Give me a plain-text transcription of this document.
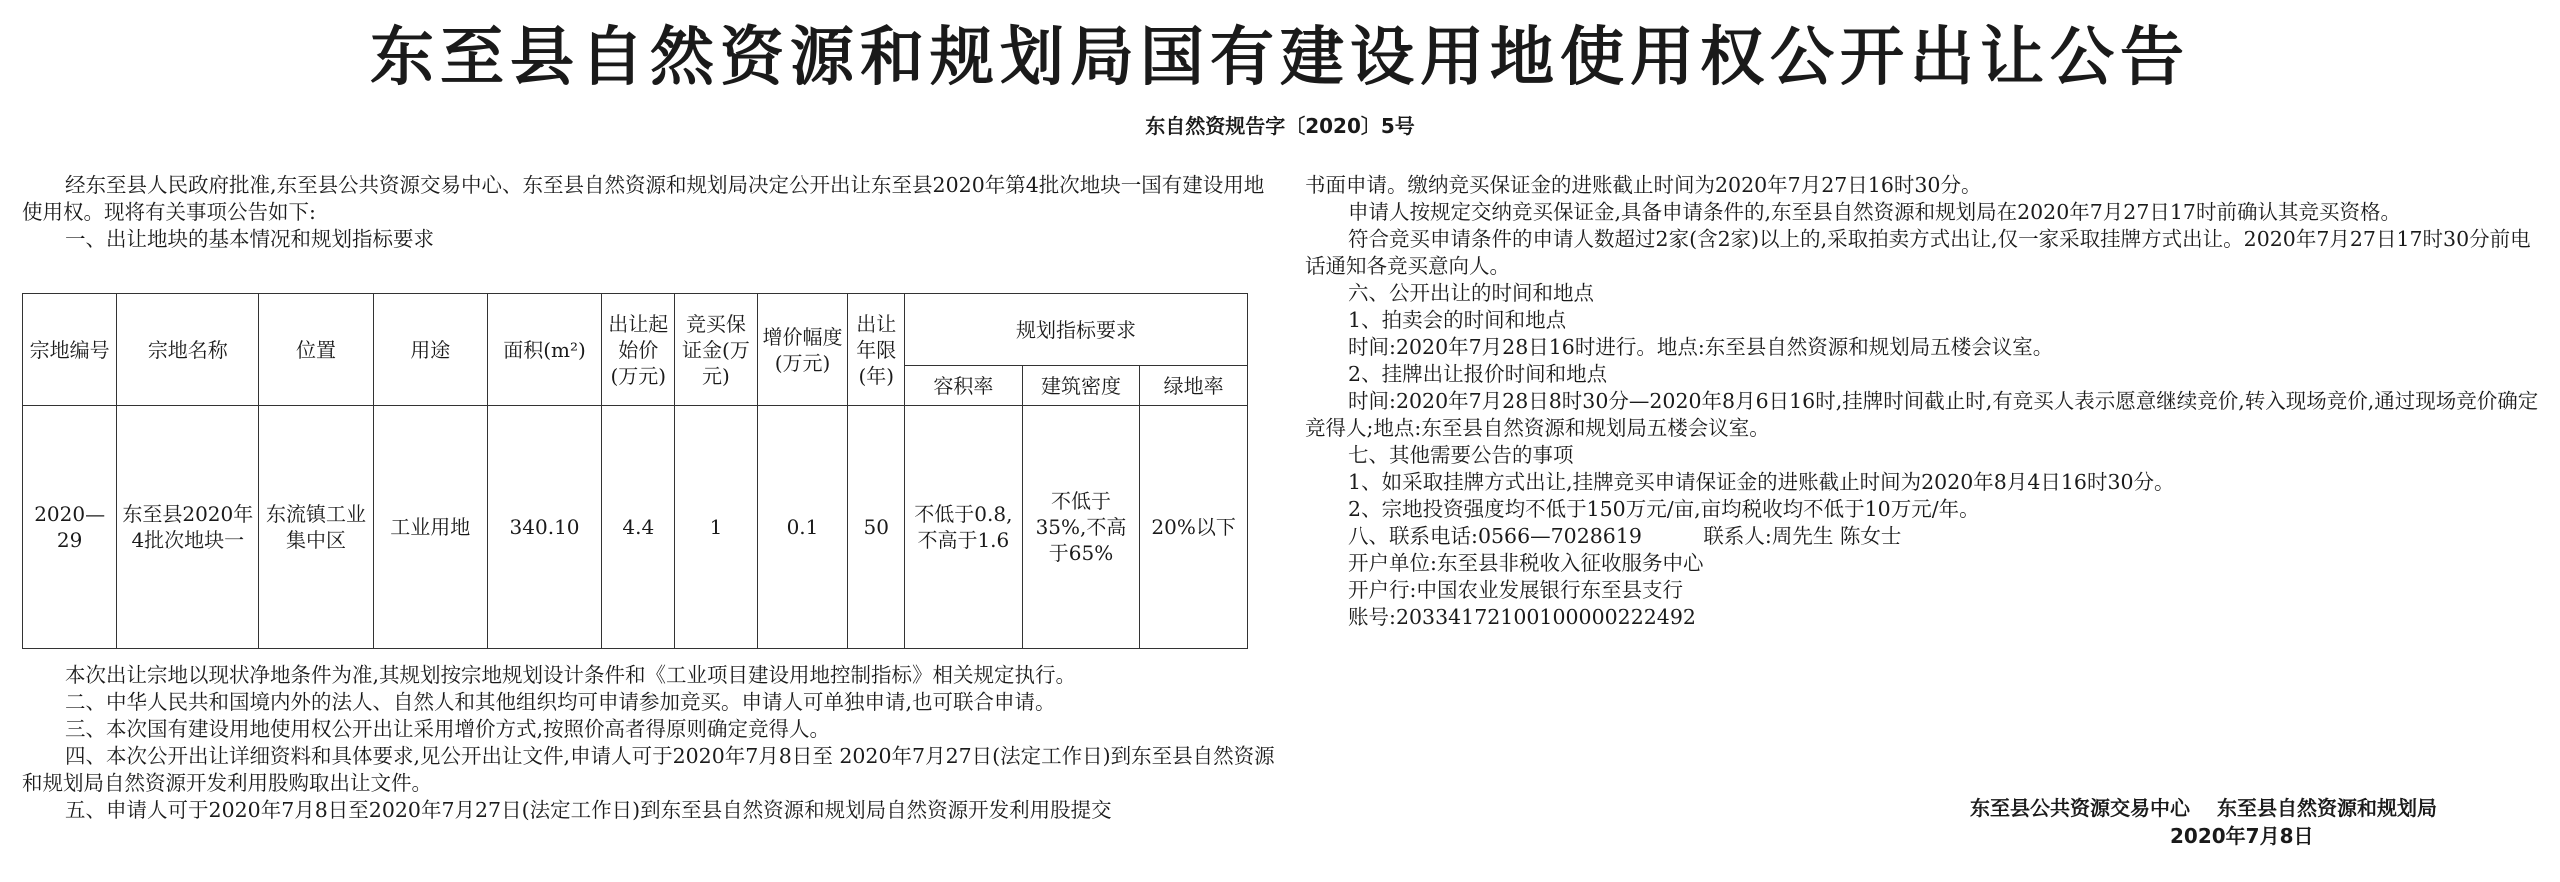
东至县自然资源和规划局国有建设用地使用权公开出让公告
东自然资规告字〔2020〕5号

经东至县人民政府批准,东至县公共资源交易中心、东至县自然资源和规划局决定公开出让东至县2020年第4批次地块一国有建设用地使用权。现将有关事项公告如下:

一、出让地块的基本情况和规划指标要求

宗地编号	宗地名称	位置	用途	面积(m²)	出让起始价(万元)	竞买保证金(万元)	增价幅度(万元)	出让年限(年)	规划指标要求		
									容积率	建筑密度	绿地率
2020—29	东至县2020年4批次地块一	东流镇工业集中区	工业用地	340.10	4.4	1	0.1	50	不低于0.8,不高于1.6	不低于35%,不高于65%	20%以下

本次出让宗地以现状净地条件为准,其规划按宗地规划设计条件和《工业项目建设用地控制指标》相关规定执行。

二、中华人民共和国境内外的法人、自然人和其他组织均可申请参加竞买。申请人可单独申请,也可联合申请。

三、本次国有建设用地使用权公开出让采用增价方式,按照价高者得原则确定竞得人。

四、本次公开出让详细资料和具体要求,见公开出让文件,申请人可于2020年7月8日至 2020年7月27日(法定工作日)到东至县自然资源和规划局自然资源开发利用股购取出让文件。

五、申请人可于2020年7月8日至2020年7月27日(法定工作日)到东至县自然资源和规划局自然资源开发利用股提交

书面申请。缴纳竞买保证金的进账截止时间为2020年7月27日16时30分。

申请人按规定交纳竞买保证金,具备申请条件的,东至县自然资源和规划局在2020年7月27日17时前确认其竞买资格。

符合竞买申请条件的申请人数超过2家(含2家)以上的,采取拍卖方式出让,仅一家采取挂牌方式出让。2020年7月27日17时30分前电话通知各竞买意向人。

六、公开出让的时间和地点

1、拍卖会的时间和地点

时间:2020年7月28日16时进行。地点:东至县自然资源和规划局五楼会议室。

2、挂牌出让报价时间和地点

时间:2020年7月28日8时30分—2020年8月6日16时,挂牌时间截止时,有竞买人表示愿意继续竞价,转入现场竞价,通过现场竞价确定竞得人;地点:东至县自然资源和规划局五楼会议室。

七、其他需要公告的事项

1、如采取挂牌方式出让,挂牌竞买申请保证金的进账截止时间为2020年8月4日16时30分。

2、宗地投资强度均不低于150万元/亩,亩均税收均不低于10万元/年。

八、联系电话:0566—7028619　　　联系人:周先生 陈女士

开户单位:东至县非税收入征收服务中心

开户行:中国农业发展银行东至县支行

账号:20334172100100000222492

东至县公共资源交易中心　 东至县自然资源和规划局
2020年7月8日
